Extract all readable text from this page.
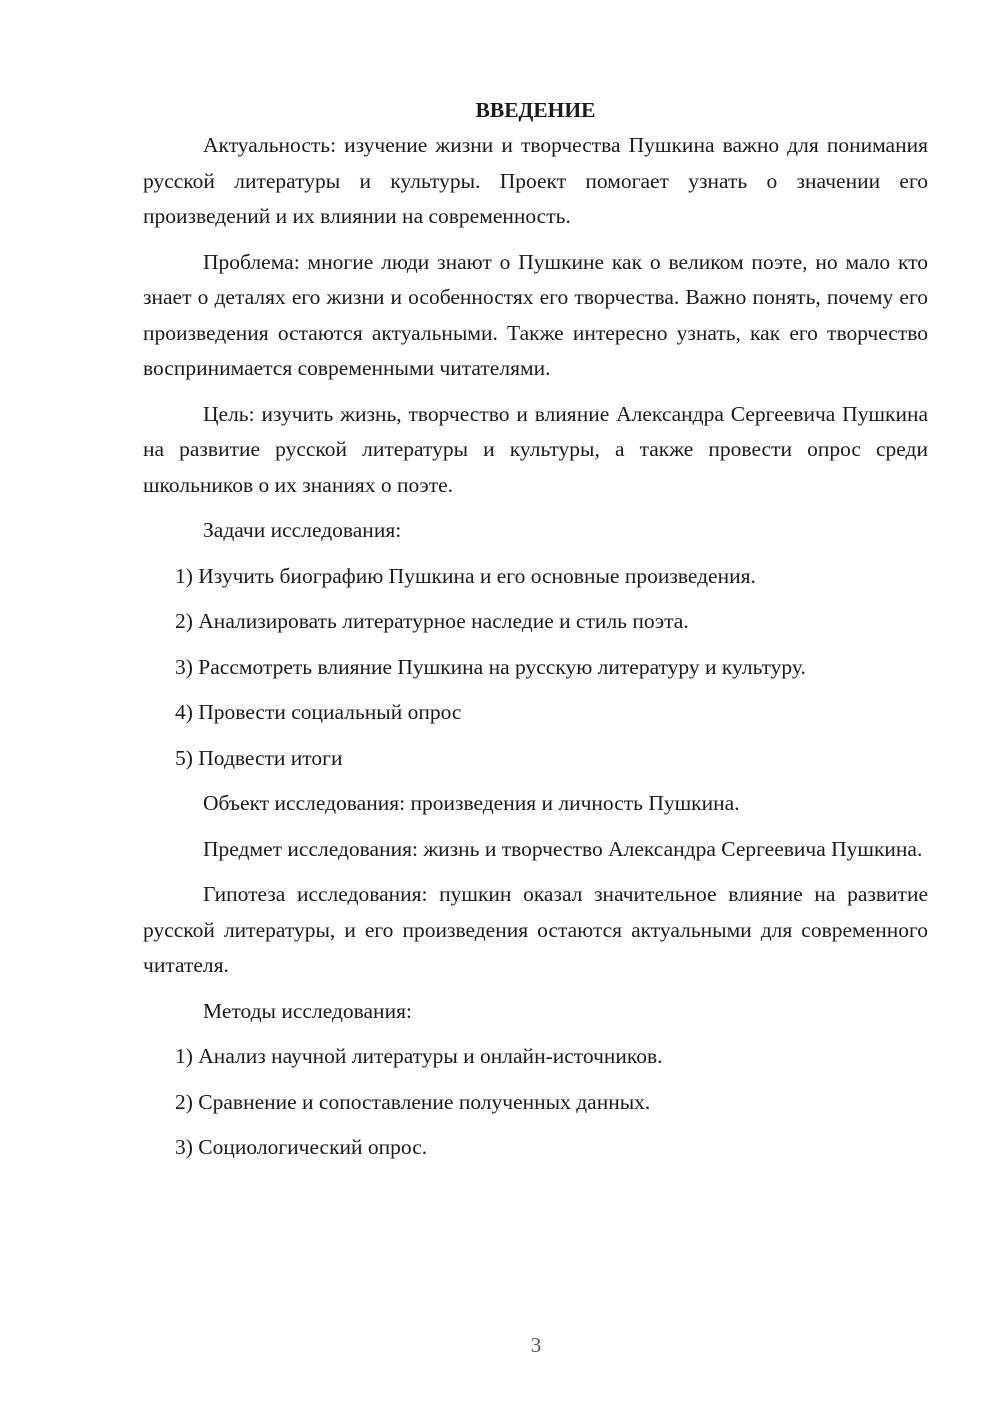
ВВЕДЕНИЕ

Актуальность: изучение жизни и творчества Пушкина важно для понимания русской литературы и культуры. Проект помогает узнать о значении его произведений и их влиянии на современность.

Проблема: многие люди знают о Пушкине как о великом поэте, но мало кто знает о деталях его жизни и особенностях его творчества. Важно понять, почему его произведения остаются актуальными. Также интересно узнать, как его творчество воспринимается современными читателями.

Цель: изучить жизнь, творчество и влияние Александра Сергеевича Пушкина на развитие русской литературы и культуры, а также провести опрос среди школьников о их знаниях о поэте.

Задачи исследования:

1) Изучить биографию Пушкина и его основные произведения.

2) Анализировать литературное наследие и стиль поэта.

3) Рассмотреть влияние Пушкина на русскую литературу и культуру.

4) Провести социальный опрос

5) Подвести итоги

Объект исследования: произведения и личность Пушкина.

Предмет исследования: жизнь и творчество Александра Сергеевича Пушкина.

Гипотеза исследования: пушкин оказал значительное влияние на развитие русской литературы, и его произведения остаются актуальными для современного читателя.

Методы исследования:

1) Анализ научной литературы и онлайн-источников.

2) Сравнение и сопоставление полученных данных.

3) Социологический опрос.

3
